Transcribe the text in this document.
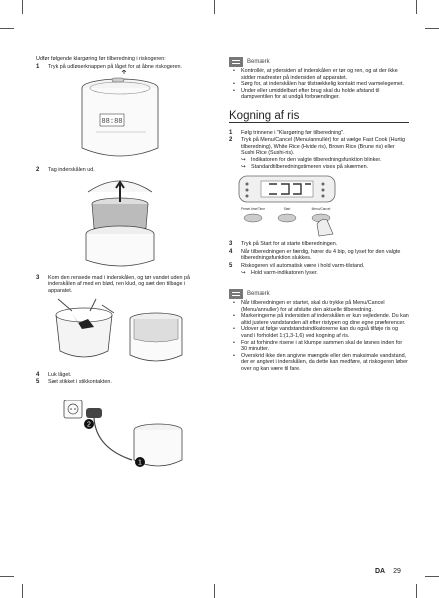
Udfør følgende klargøring før tilberedning i riskogeren:
1	Tryk på udløserknappen på låget for at åbne riskogeren.
88:88
2	Tag inderskålen ud.
3	Kom den rensede mad i inderskålen, og tør vandet uden på inderskålen af med en blød, ren klud, og sæt den tilbage i apparatet.
4	Luk låget.
5	Sæt stikket i stikkontakten.
2
1
Bemærk
•	Kontrollér, at ydersiden af inderskålen er tør og ren, og at der ikke sidder madrester på indersiden af apparatet.
•	Sørg for, at inderskålen har tilstrækkelig kontakt med varmelegemet.
•	Under eller umiddelbart efter brug skal du holde afstand til dampventilen for at undgå forbrændinger.
Kogning af ris
1	Følg trinnene i "Klargøring før tilberedning".
2	Tryk på Menu/Cancel (Menu/annullér) for at vælge Fast Cook (Hurtig tilberedning), White Rice (Hvide ris), Brown Rice (Brune ris) eller Sushi Rice (Sushi-ris).
↪	Indikatoren for den valgte tilberedningsfunktion blinker.
↪	Standardtilberedningstimeren vises på skærmen.
Preset time/Time	Start	Menu/Cancel
3	Tryk på Start for at starte tilberedningen.
4	Når tilberedningen er færdig, hører du 4 bip, og lyset for den valgte tilberedningsfunktion slukkes.
5	Riskogeren vil automatisk være i hold varm-tilstand.
↪	Hold varm-indikatoren lyser.
Bemærk
•	Når tilberedningen er startet, skal du trykke på Menu/Cancel (Menu/annuller) for at afslutte den aktuelle tilberedning.
•	Markeringerne på indersiden af inderskålen er kun vejledende. Du kan altid justere vandstanden alt efter ristypen og dine egne præferencer.
•	Udover at følge vandstandsindikatorerne kan du også tilføje ris og vand i forholdet 1:(1,3-1,6) ved kogning af ris.
•	For at forhindre risene i at klumpe sammen skal de løsnes inden for 30 minutter.
•	Overskrid ikke den angivne mængde eller den maksimale vandstand, der er angivet i inderskålen, da dette kan medføre, at riskogeren løber over og kan være til fare.
DA 29
